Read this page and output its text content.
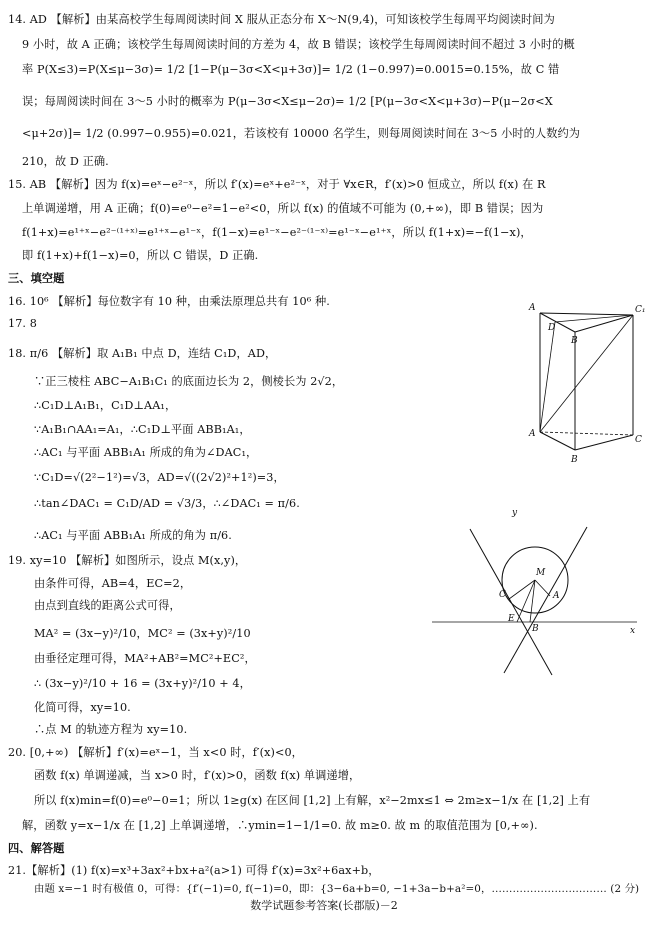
14. AD 【解析】由某高校学生每周阅读时间 X 服从正态分布 X～N(9,4)，可知该校学生每周平均阅读时间为
9 小时，故 A 正确；该校学生每周阅读时间的方差为 4，故 B 错误；该校学生每周阅读时间不超过 3 小时的概
率 P(X≤3)=P(X≤μ−3σ)= 1/2 [1−P(μ−3σ<X<μ+3σ)]= 1/2 (1−0.997)=0.0015=0.15%，故 C 错
误；每周阅读时间在 3～5 小时的概率为 P(μ−3σ<X≤μ−2σ)= 1/2 [P(μ−3σ<X<μ+3σ)−P(μ−2σ<X
<μ+2σ)]= 1/2 (0.997−0.955)=0.021，若该校有 10000 名学生，则每周阅读时间在 3～5 小时的人数约为
210，故 D 正确.
15. AB 【解析】因为 f(x)=eˣ−e²⁻ˣ，所以 f′(x)=eˣ+e²⁻ˣ，对于 ∀x∈R，f′(x)>0 恒成立，所以 f(x) 在 R
上单调递增，用 A 正确；f(0)=e⁰−e²=1−e²<0，所以 f(x) 的值域不可能为 (0,+∞)，即 B 错误；因为
f(1+x)=e¹⁺ˣ−e²⁻⁽¹⁺ˣ⁾=e¹⁺ˣ−e¹⁻ˣ，f(1−x)=e¹⁻ˣ−e²⁻⁽¹⁻ˣ⁾=e¹⁻ˣ−e¹⁺ˣ，所以 f(1+x)=−f(1−x)，
即 f(1+x)+f(1−x)=0，所以 C 错误，D 正确.
三、填空题
16. 10⁶ 【解析】每位数字有 10 种，由乘法原理总共有 10⁶ 种.
17. 8
18. π/6 【解析】取 A₁B₁ 中点 D，连结 C₁D，AD，
∵正三棱柱 ABC−A₁B₁C₁ 的底面边长为 2，侧棱长为 2√2，
∴C₁D⊥A₁B₁，C₁D⊥AA₁，
∵A₁B₁∩AA₁=A₁，∴C₁D⊥平面 ABB₁A₁，
∴AC₁ 与平面 ABB₁A₁ 所成的角为∠DAC₁，
∵C₁D=√(2²−1²)=√3，AD=√((2√2)²+1²)=3，
∴tan∠DAC₁ = C₁D/AD = √3/3，∴∠DAC₁ = π/6.
∴AC₁ 与平面 ABB₁A₁ 所成的角为 π/6.
19. xy=10 【解析】如图所示，设点 M(x,y)，
由条件可得，AB=4，EC=2，
由点到直线的距离公式可得，
MA² = (3x−y)²/10，MC² = (3x+y)²/10
由垂径定理可得，MA²+AB²=MC²+EC²，
∴ (3x−y)²/10 + 16 = (3x+y)²/10 + 4，
化简可得，xy=10.
∴点 M 的轨迹方程为 xy=10.
20. [0,+∞) 【解析】f′(x)=eˣ−1，当 x<0 时，f′(x)<0，
函数 f(x) 单调递减，当 x>0 时，f′(x)>0，函数 f(x) 单调递增，
所以 f(x)min=f(0)=e⁰−0=1；所以 1≥g(x) 在区间 [1,2] 上有解，x²−2mx≤1 ⇔ 2m≥x−1/x 在 [1,2] 上有
解，函数 y=x−1/x 在 [1,2] 上单调递增，∴ymin=1−1/1=0. 故 m≥0. 故 m 的取值范围为 [0,+∞).
四、解答题
21.【解析】(1) f(x)=x³+3ax²+bx+a²(a>1) 可得 f′(x)=3x²+6ax+b，
由题 x=−1 时有极值 0，可得：{f′(−1)=0, f(−1)=0，即：{3−6a+b=0, −1+3a−b+a²=0，…………………………… (2 分)
A	C₁
D
B
A
C
B
x
y
M
C	A
E
B
数学试题参考答案(长郡版)－2
